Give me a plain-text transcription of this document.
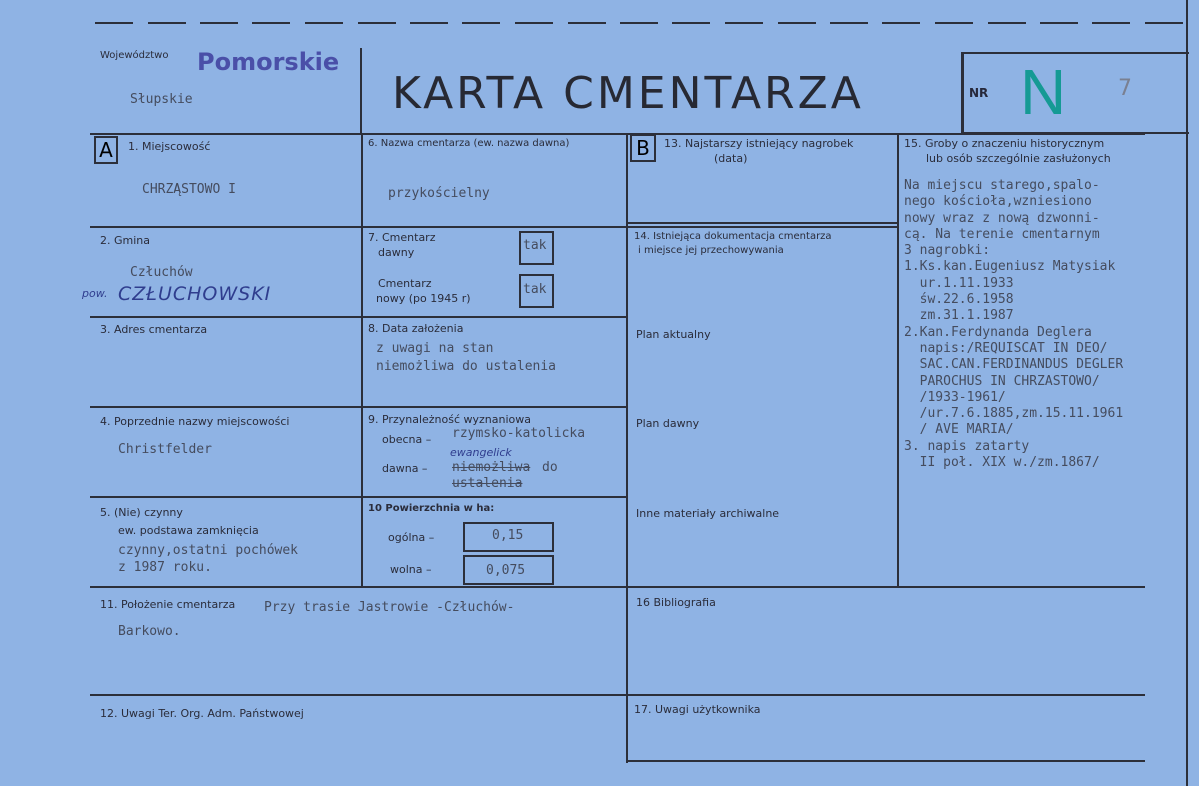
Województwo Pomorskie
Słupskie	KARTA CMENTARZA	NR N 7
A	1. Miejscowość
CHRZĄSTOWO I
2. Gmina
Człuchów
pow. CZŁUCHOWSKI
3. Adres cmentarza
4. Poprzednie nazwy miejscowości
Christfelder
5. (Nie) czynny
ew. podstawa zamknięcia
czynny,ostatni pochówek
z 1987 roku.
6. Nazwa cmentarza (ew. nazwa dawna)
przykościelny
7. Cmentarz
dawny	tak
Cmentarz
nowy (po 1945 r)
tak
8. Data założenia
z uwagi na stan
niemożliwa do ustalenia
9. Przynależność wyznaniowa
obecna – rzymsko-katolicka
ewangelick
dawna – niemożliwa do
ustalenia
10 Powierzchnia w ha:
ogólna –	0,15
wolna –	0,075
B	13. Najstarszy istniejący nagrobek
(data)
14. Istniejąca dokumentacja cmentarza
i miejsce jej przechowywania
Plan aktualny
Plan dawny
Inne materiały archiwalne
15. Groby o znaczeniu historycznym
lub osób szczególnie zasłużonych
Na miejscu starego,spalo-
nego kościoła,wzniesiono
nowy wraz z nową dzwonni-
cą. Na terenie cmentarnym
3 nagrobki:
1.Ks.kan.Eugeniusz Matysiak
ur.1.11.1933
św.22.6.1958
zm.31.1.1987
2.Kan.Ferdynanda Deglera
napis:/REQUISCAT IN DEO/
SAC.CAN.FERDINANDUS DEGLER
PAROCHUS IN CHRZASTOWO/
/1933-1961/
/ur.7.6.1885,zm.15.11.1961
/ AVE MARIA/
3. napis zatarty
II poł. XIX w./zm.1867/
11. Położenie cmentarza Przy trasie Jastrowie -Człuchów-
Barkowo.
16 Bibliografia
12. Uwagi Ter. Org. Adm. Państwowej	17. Uwagi użytkownika
